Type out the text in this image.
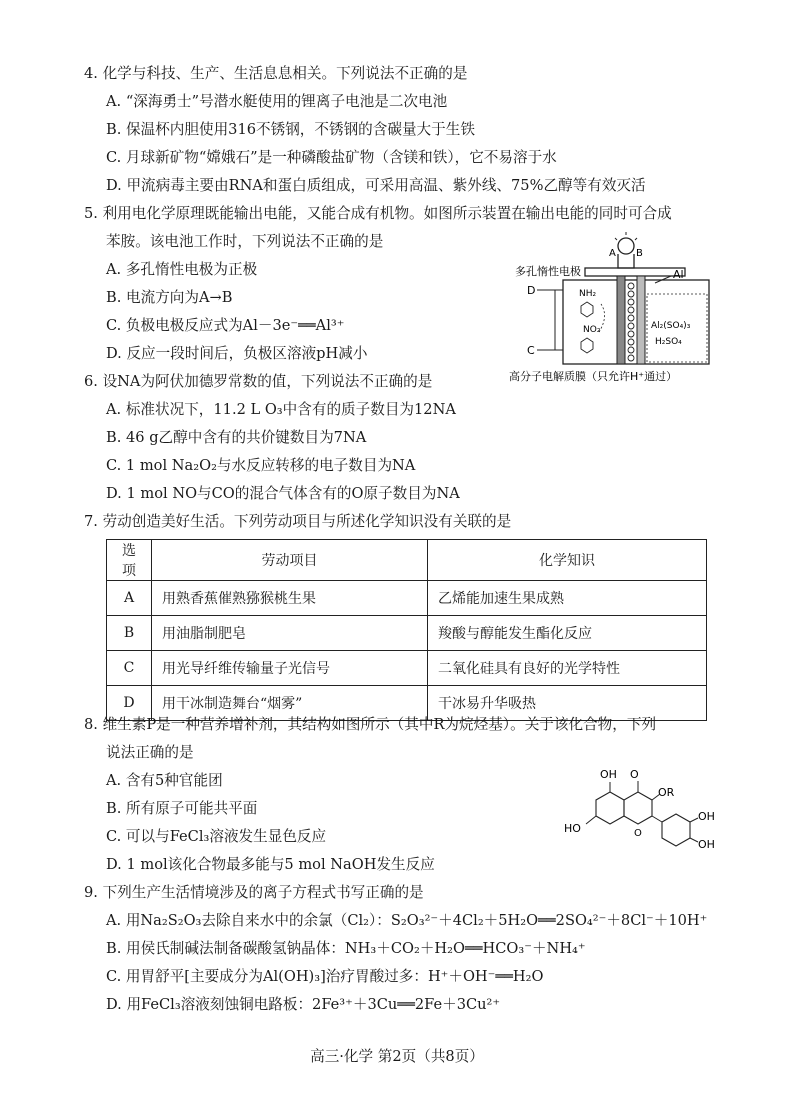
4. 化学与科技、生产、生活息息相关。下列说法不正确的是
A. “深海勇士”号潜水艇使用的锂离子电池是二次电池
B. 保温杯内胆使用316不锈钢，不锈钢的含碳量大于生铁
C. 月球新矿物“嫦娥石”是一种磷酸盐矿物（含镁和铁），它不易溶于水
D. 甲流病毒主要由RNA和蛋白质组成，可采用高温、紫外线、75%乙醇等有效灭活
5. 利用电化学原理既能输出电能，又能合成有机物。如图所示装置在输出电能的同时可合成
苯胺。该电池工作时，下列说法不正确的是
A. 多孔惰性电极为正极
B. 电流方向为A→B
C. 负极电极反应式为Al－3e⁻══Al³⁺
D. 反应一段时间后，负极区溶液pH减小
A B
多孔惰性电极	Al
Al₂(SO₄)₃
H₂SO₄
NH₂
NO₂
D
C
高分子电解质膜（只允许H⁺通过）
6. 设NA为阿伏加德罗常数的值，下列说法不正确的是
A. 标准状况下，11.2 L O₃中含有的质子数目为12NA
B. 46 g乙醇中含有的共价键数目为7NA
C. 1 mol Na₂O₂与水反应转移的电子数目为NA
D. 1 mol NO与CO的混合气体含有的O原子数目为NA
7. 劳动创造美好生活。下列劳动项目与所述化学知识没有关联的是
选项	劳动项目	化学知识
A	用熟香蕉催熟猕猴桃生果	乙烯能加速生果成熟
B	用油脂制肥皂	羧酸与醇能发生酯化反应
C	用光导纤维传输量子光信号	二氧化硅具有良好的光学特性
D	用干冰制造舞台“烟雾”	干冰易升华吸热
8. 维生素P是一种营养增补剂，其结构如图所示（其中R为烷烃基）。关于该化合物，下列
说法正确的是
A. 含有5种官能团
B. 所有原子可能共平面
C. 可以与FeCl₃溶液发生显色反应
D. 1 mol该化合物最多能与5 mol NaOH发生反应
OH O
OR
HO	O
OH
OH
9. 下列生产生活情境涉及的离子方程式书写正确的是
A. 用Na₂S₂O₃去除自来水中的余氯（Cl₂）：S₂O₃²⁻＋4Cl₂＋5H₂O══2SO₄²⁻＋8Cl⁻＋10H⁺
B. 用侯氏制碱法制备碳酸氢钠晶体：NH₃＋CO₂＋H₂O══HCO₃⁻＋NH₄⁺
C. 用胃舒平[主要成分为Al(OH)₃]治疗胃酸过多：H⁺＋OH⁻══H₂O
D. 用FeCl₃溶液刻蚀铜电路板：2Fe³⁺＋3Cu══2Fe＋3Cu²⁺
高三·化学 第2页（共8页）
